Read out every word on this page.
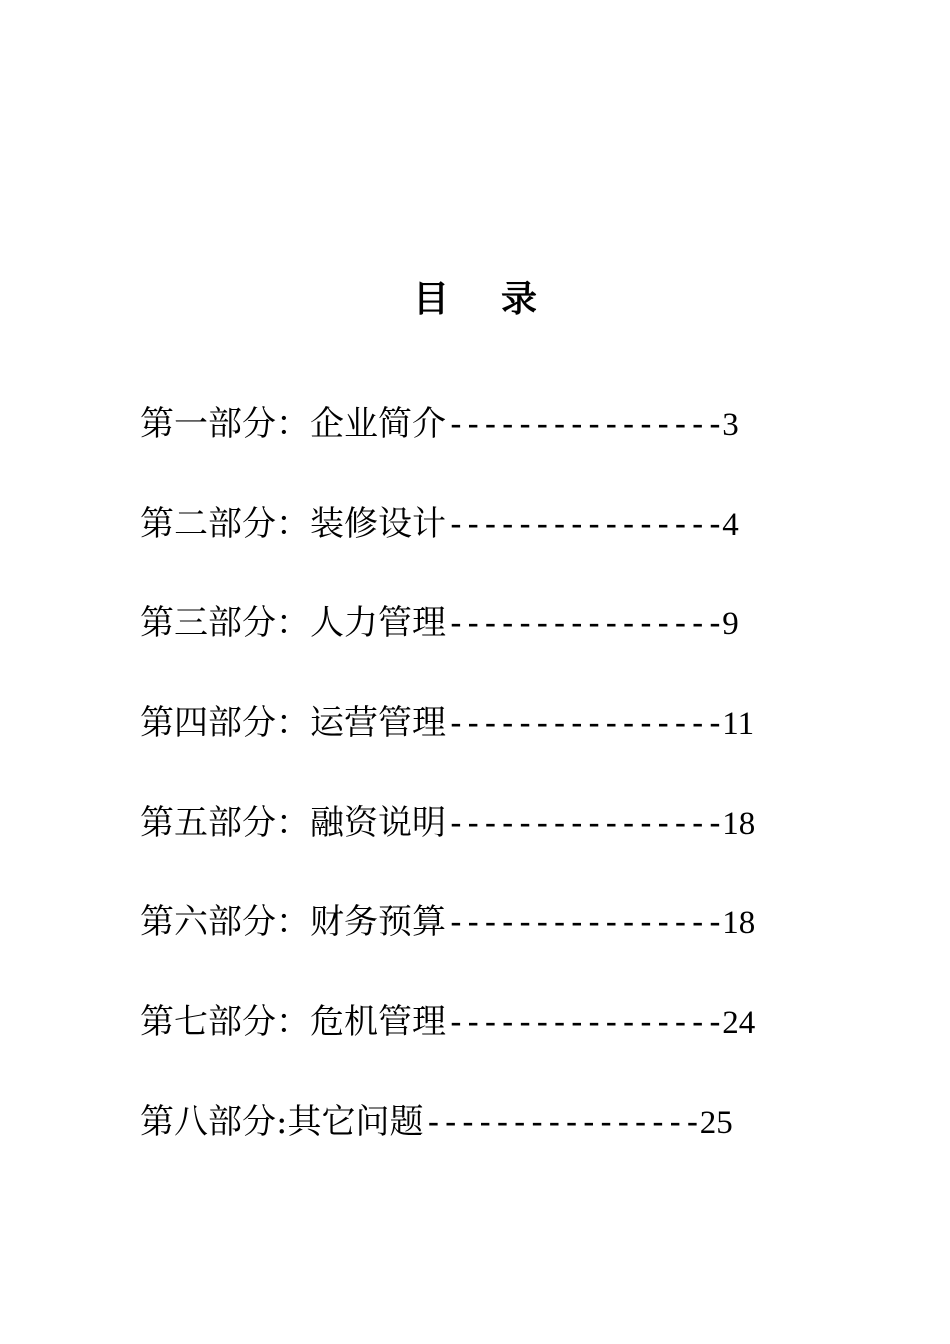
目录
第一部分：企业简介----------------3
第二部分：装修设计----------------4
第三部分：人力管理----------------9
第四部分：运营管理----------------11
第五部分：融资说明----------------18
第六部分：财务预算----------------18
第七部分：危机管理----------------24
第八部分:其它问题----------------25
